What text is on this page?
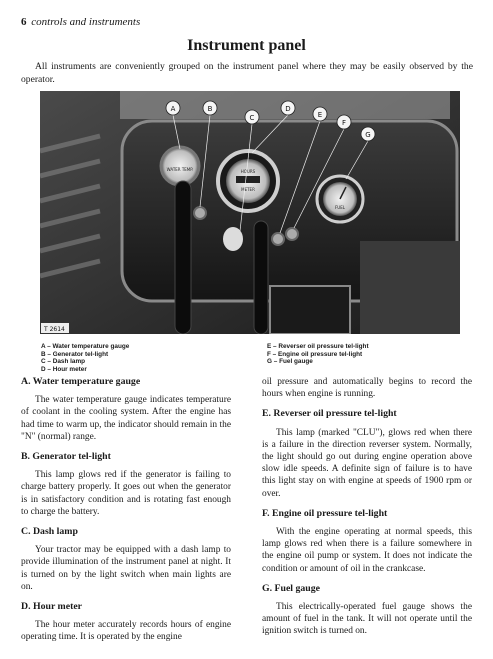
6 controls and instruments
Instrument panel
All instruments are conveniently grouped on the instrument panel where they may be easily observed by the operator.
WATER TEMP.	HOURS
METER
FUEL
A	B
C
D
E
F
G
T 2614
A – Water temperature gauge
B – Generator tel-light
C – Dash lamp
D – Hour meter
E – Reverser oil pressure tel-light
F – Engine oil pressure tel-light
G – Fuel gauge
A. Water temperature gauge

The water temperature gauge indicates temperature of coolant in the cooling system. After the engine has had time to warm up, the indicator should remain in the "N" (normal) range.

B. Generator tel-light

This lamp glows red if the generator is failing to charge battery properly. It goes out when the generator is in satisfactory condition and is rotating fast enough to charge the battery.

C. Dash lamp

Your tractor may be equipped with a dash lamp to provide illumination of the instrument panel at night. It is turned on by the light switch when main lights are on.

D. Hour meter

The hour meter accurately records hours of engine operating time. It is operated by the engine

oil pressure and automatically begins to record the hours when engine is running.

E. Reverser oil pressure tel-light

This lamp (marked "CLU"), glows red when there is a failure in the direction reverser system. Normally, the light should go out during engine operation above slow idle speeds. A definite sign of failure is to have this light stay on with engine at speeds of 1900 rpm or over.

F. Engine oil pressure tel-light

With the engine operating at normal speeds, this lamp glows red when there is a failure somewhere in the engine oil pump or system. It does not indicate the condition or amount of oil in the crankcase.

G. Fuel gauge

This electrically-operated fuel gauge shows the amount of fuel in the tank. It will not operate until the ignition switch is turned on.
